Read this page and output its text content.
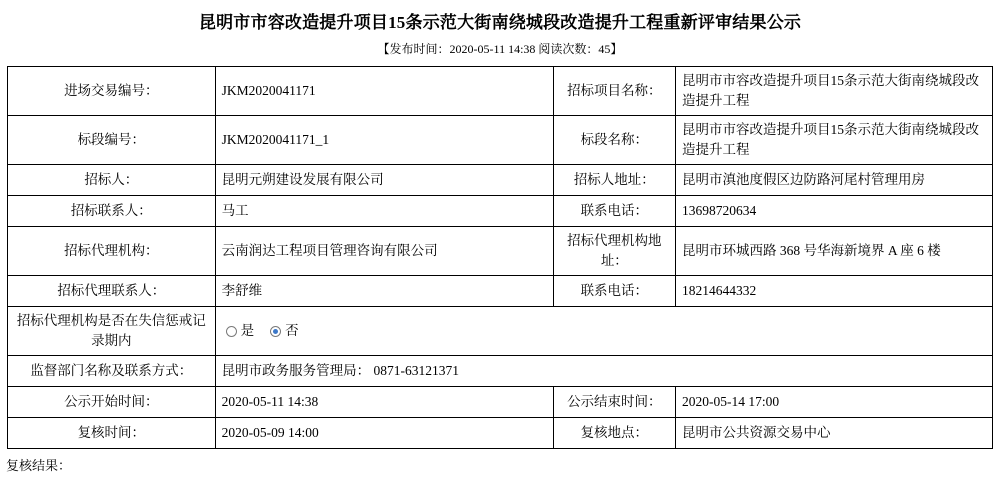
昆明市市容改造提升项目15条示范大街南绕城段改造提升工程重新评审结果公示
【发布时间：2020-05-11 14:38 阅读次数：45】
进场交易编号：	JKM2020041171	招标项目名称：	昆明市市容改造提升项目15条示范大街南绕城段改造提升工程
标段编号：	JKM2020041171_1	标段名称：	昆明市市容改造提升项目15条示范大街南绕城段改造提升工程
招标人：	昆明元朔建设发展有限公司	招标人地址：	昆明市滇池度假区边防路河尾村管理用房
招标联系人：	马工	联系电话：	13698720634
招标代理机构：	云南润达工程项目管理咨询有限公司	招标代理机构地址：	昆明市环城西路 368 号华海新境界 A 座 6 楼
招标代理联系人：	李舒维	联系电话：	18214644332
招标代理机构是否在失信惩戒记录期内	是 否		

监督部门名称及联系方式：	昆明市政务服务管理局： 0871-63121371		
公示开始时间：	2020-05-11 14:38	公示结束时间：	2020-05-14 17:00
复核时间：	2020-05-09 14:00	复核地点：	昆明市公共资源交易中心
复核结果：
